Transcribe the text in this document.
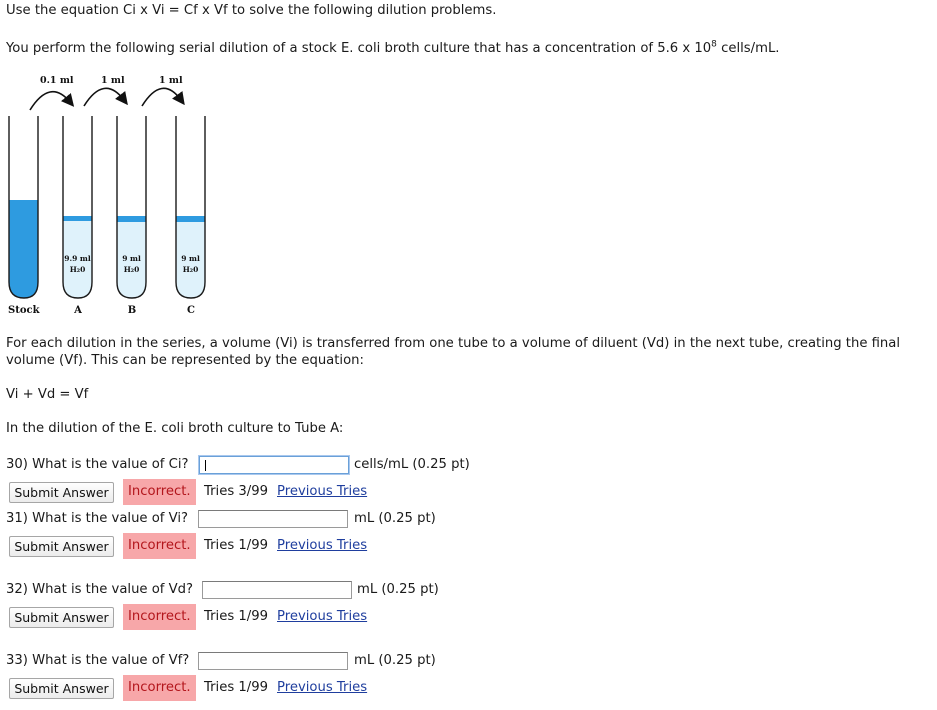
Use the equation Ci x Vi = Cf x Vf to solve the following dilution problems.
You perform the following serial dilution of a stock E. coli broth culture that has a concentration of 5.6 x $10^8$ cells/mL.
0.1 ml	1 ml	1 ml
9.9 ml
H₂0
9 ml
H₂0
9 ml
H₂0
Stock	A	B	C
For each dilution in the series, a volume (Vi) is transferred from one tube to a volume of diluent (Vd) in the next tube, creating the final
volume (Vf). This can be represented by the equation:
Vi + Vd = Vf
In the dilution of the E. coli broth culture to Tube A:
30) What is the value of Ci?	cells/mL (0.25 pt)
Submit Answer	Incorrect.	Tries 3/99 Previous Tries
31) What is the value of Vi?	mL (0.25 pt)
Submit Answer	Incorrect.	Tries 1/99 Previous Tries
32) What is the value of Vd?	mL (0.25 pt)
Submit Answer	Incorrect.	Tries 1/99 Previous Tries
33) What is the value of Vf?	mL (0.25 pt)
Submit Answer	Incorrect.	Tries 1/99 Previous Tries
